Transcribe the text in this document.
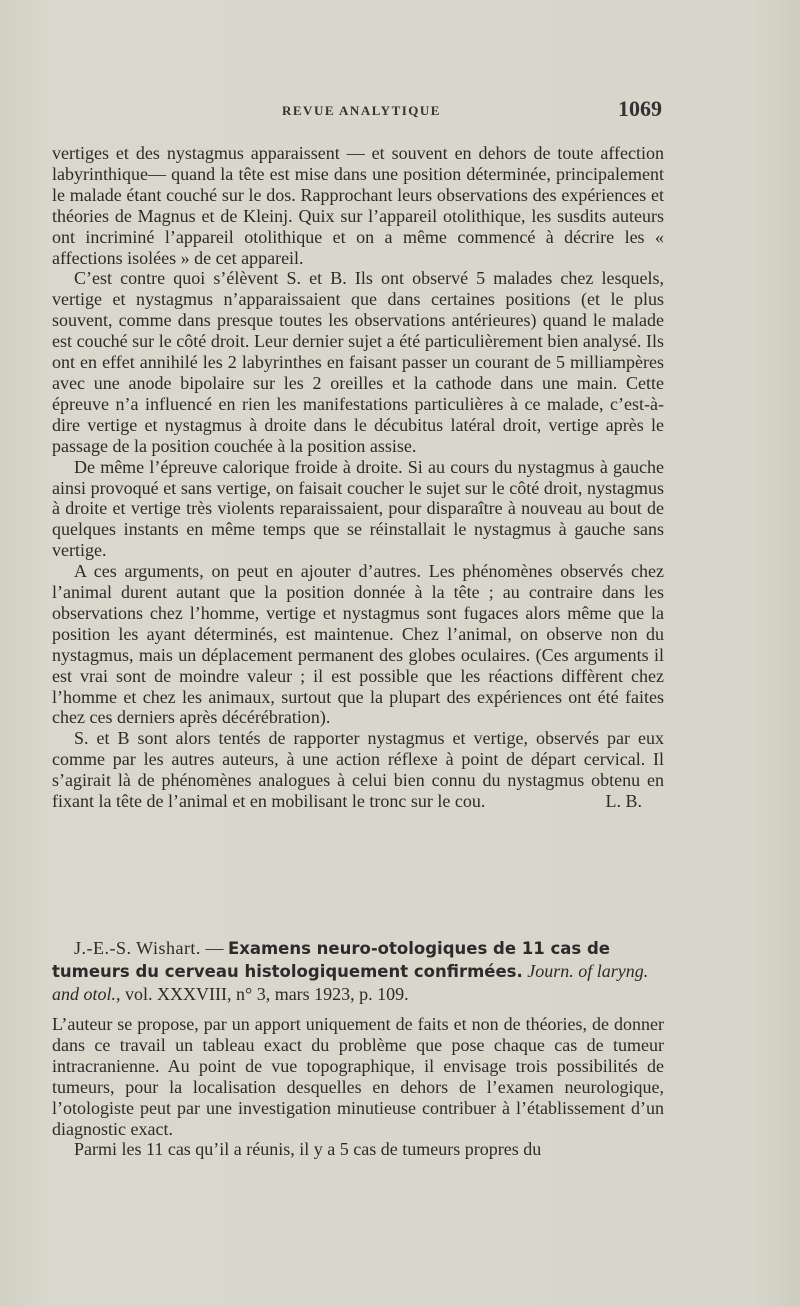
REVUE ANALYTIQUE	1069

vertiges et des nystagmus apparaissent — et souvent en dehors de toute affection labyrinthique— quand la tête est mise dans une position déterminée, principalement le malade étant couché sur le dos. Rapprochant leurs observations des expériences et théories de Magnus et de Kleinj. Quix sur l’appareil otolithique, les susdits auteurs ont incriminé l’appareil otolithique et on a même commencé à décrire les « affections isolées » de cet appareil.

C’est contre quoi s’élèvent S. et B. Ils ont observé 5 malades chez lesquels, vertige et nystagmus n’apparaissaient que dans certaines positions (et le plus souvent, comme dans presque toutes les observations antérieures) quand le malade est couché sur le côté droit. Leur dernier sujet a été particulièrement bien analysé. Ils ont en effet annihilé les 2 labyrinthes en faisant passer un courant de 5 milliampères avec une anode bipolaire sur les 2 oreilles et la cathode dans une main. Cette épreuve n’a influencé en rien les manifestations particulières à ce malade, c’est-à-dire vertige et nystagmus à droite dans le décubitus latéral droit, vertige après le passage de la position couchée à la position assise.

De même l’épreuve calorique froide à droite. Si au cours du nystagmus à gauche ainsi provoqué et sans vertige, on faisait coucher le sujet sur le côté droit, nystagmus à droite et vertige très violents reparaissaient, pour disparaître à nouveau au bout de quelques instants en même temps que se réinstallait le nystagmus à gauche sans vertige.

A ces arguments, on peut en ajouter d’autres. Les phénomènes observés chez l’animal durent autant que la position donnée à la tête ; au contraire dans les observations chez l’homme, vertige et nystagmus sont fugaces alors même que la position les ayant déterminés, est maintenue. Chez l’animal, on observe non du nystagmus, mais un déplacement permanent des globes oculaires. (Ces arguments il est vrai sont de moindre valeur ; il est possible que les réactions diffèrent chez l’homme et chez les animaux, surtout que la plupart des expériences ont été faites chez ces derniers après décérébration).

S. et B sont alors tentés de rapporter nystagmus et vertige, observés par eux comme par les autres auteurs, à une action réflexe à point de départ cervical. Il s’agirait là de phénomènes analogues à celui bien connu du nystagmus obtenu en fixant la tête de l’animal et en mobilisant le tronc sur le cou.	L. B.
J.-E.-S. Wishart. — Examens neuro-otologiques de 11 cas de tumeurs du cerveau histologiquement confirmées. Journ. of laryng. and otol., vol. XXXVIII, n° 3, mars 1923, p. 109.

L’auteur se propose, par un apport uniquement de faits et non de théories, de donner dans ce travail un tableau exact du problème que pose chaque cas de tumeur intracranienne. Au point de vue topographique, il envisage trois possibilités de tumeurs, pour la localisation desquelles en dehors de l’examen neurologique, l’otologiste peut par une investigation minutieuse contribuer à l’établissement d’un diagnostic exact.

Parmi les 11 cas qu’il a réunis, il y a 5 cas de tumeurs propres du
